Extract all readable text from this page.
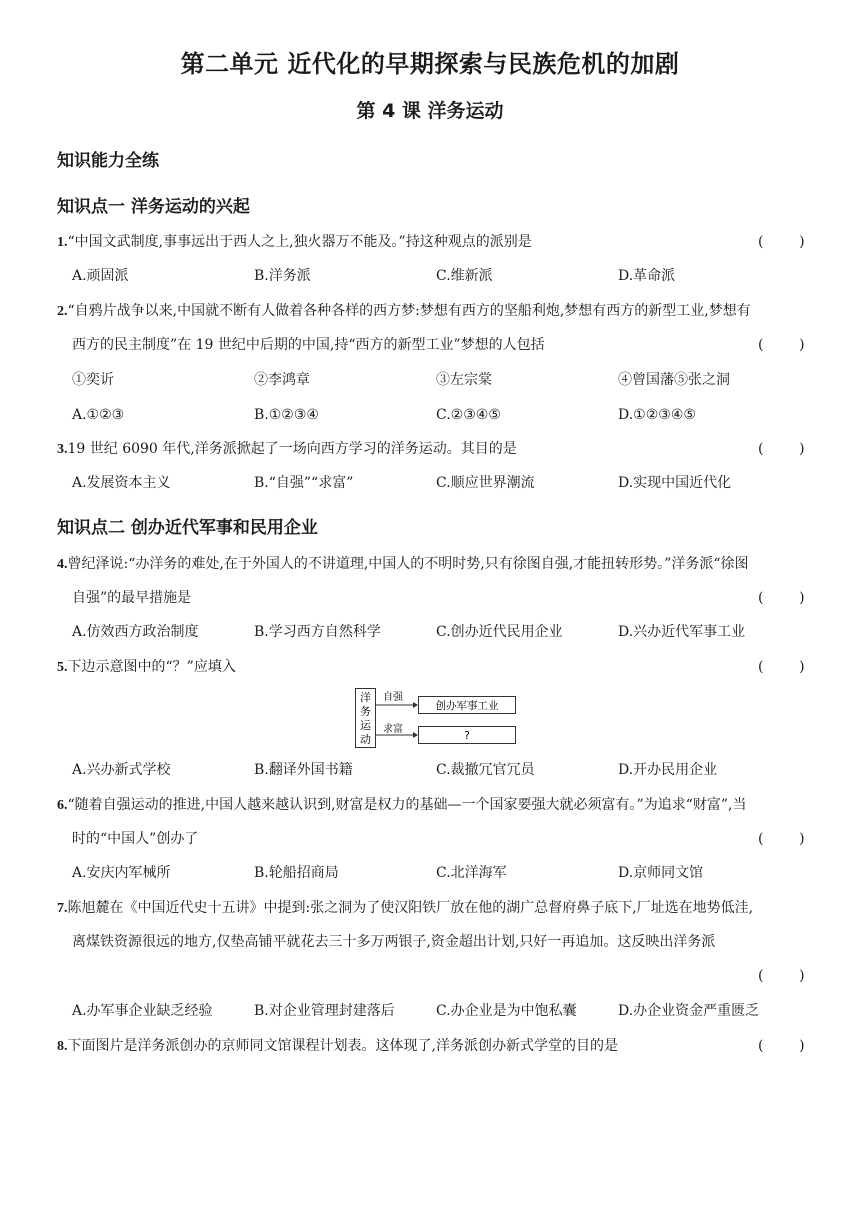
第二单元 近代化的早期探索与民族危机的加剧
第 4 课 洋务运动
知识能力全练
知识点一 洋务运动的兴起
1.“中国文武制度,事事远出于西人之上,独火器万不能及。”持这种观点的派别是	(        )
A.顽固派	B.洋务派	C.维新派	D.革命派
2.“自鸦片战争以来,中国就不断有人做着各种各样的西方梦:梦想有西方的坚船利炮,梦想有西方的新型工业,梦想有
西方的民主制度”在 19 世纪中后期的中国,持“西方的新型工业”梦想的人包括	(        )
①奕䜣	②李鸿章	③左宗棠	④曾国藩⑤张之洞
A.①②③	B.①②③④	C.②③④⑤	D.①②③④⑤
3.19 世纪 6090 年代,洋务派掀起了一场向西方学习的洋务运动。其目的是	(        )
A.发展资本主义	B.“自强”“求富”	C.顺应世界潮流	D.实现中国近代化
知识点二 创办近代军事和民用企业
4.曾纪泽说:“办洋务的难处,在于外国人的不讲道理,中国人的不明时势,只有徐图自强,才能扭转形势。”洋务派“徐图
自强”的最早措施是	(        )
A.仿效西方政治制度	B.学习西方自然科学	C.创办近代民用企业	D.兴办近代军事工业
5.下边示意图中的“？”应填入	(        )
洋
务
运
动
自强
创办军事工业
求富
?
A.兴办新式学校	B.翻译外国书籍	C.裁撤冗官冗员	D.开办民用企业
6.“随着自强运动的推进,中国人越来越认识到,财富是权力的基础—一个国家要强大就必须富有。”为追求“财富”,当
时的“中国人”创办了	(        )
A.安庆内军械所	B.轮船招商局	C.北洋海军	D.京师同文馆
7.陈旭麓在《中国近代史十五讲》中提到:张之洞为了使汉阳铁厂放在他的湖广总督府鼻子底下,厂址选在地势低洼,
离煤铁资源很远的地方,仅垫高铺平就花去三十多万两银子,资金超出计划,只好一再追加。这反映出洋务派
(        )
A.办军事企业缺乏经验	B.对企业管理封建落后	C.办企业是为中饱私囊	D.办企业资金严重匮乏
8.下面图片是洋务派创办的京师同文馆课程计划表。这体现了,洋务派创办新式学堂的目的是	(        )
